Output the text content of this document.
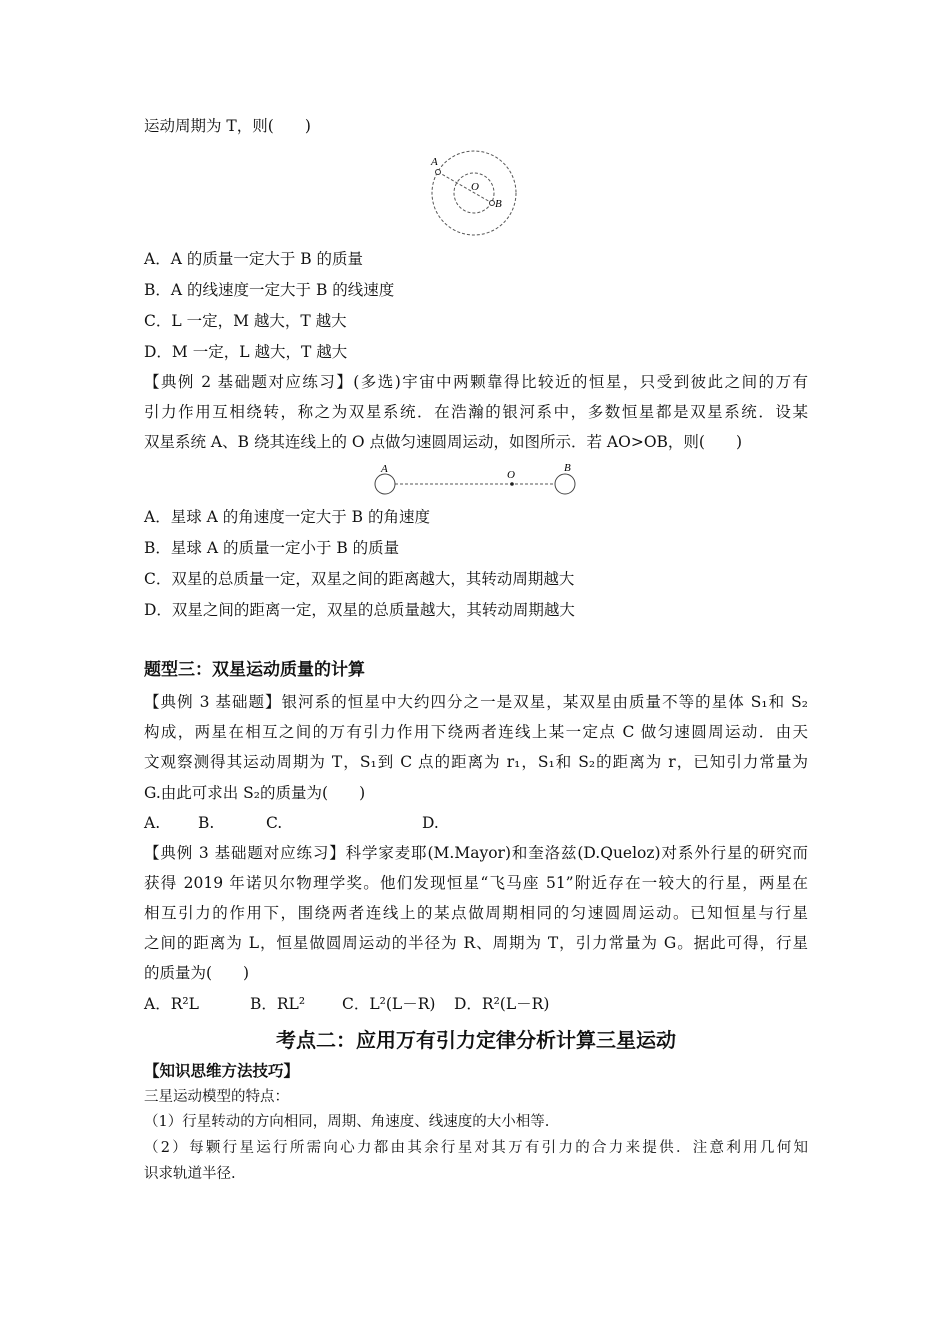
运动周期为 T，则(　　)
A
O
B
A．A 的质量一定大于 B 的质量
B．A 的线速度一定大于 B 的线速度
C．L 一定，M 越大，T 越大
D．M 一定，L 越大，T 越大
【典例 2 基础题对应练习】(多选)宇宙中两颗靠得比较近的恒星，只受到彼此之间的万有
引力作用互相绕转，称之为双星系统．在浩瀚的银河系中，多数恒星都是双星系统．设某
双星系统 A、B 绕其连线上的 O 点做匀速圆周运动，如图所示．若 AO>OB，则(　　)
A	O
B
A．星球 A 的角速度一定大于 B 的角速度
B．星球 A 的质量一定小于 B 的质量
C．双星的总质量一定，双星之间的距离越大，其转动周期越大
D．双星之间的距离一定，双星的总质量越大，其转动周期越大
题型三：双星运动质量的计算
【典例 3 基础题】银河系的恒星中大约四分之一是双星，某双星由质量不等的星体 S₁和 S₂
构成，两星在相互之间的万有引力作用下绕两者连线上某一定点 C 做匀速圆周运动．由天
文观察测得其运动周期为 T，S₁到 C 点的距离为 r₁，S₁和 S₂的距离为 r，已知引力常量为
G.由此可求出 S₂的质量为(　　)
A. B.	C.	D.
【典例 3 基础题对应练习】科学家麦耶(M.Mayor)和奎洛兹(D.Queloz)对系外行星的研究而
获得 2019 年诺贝尔物理学奖。他们发现恒星“飞马座 51”附近存在一较大的行星，两星在
相互引力的作用下，围绕两者连线上的某点做周期相同的匀速圆周运动。已知恒星与行星
之间的距离为 L，恒星做圆周运动的半径为 R、周期为 T，引力常量为 G。据此可得，行星
的质量为(　　)
A．R²L	B．RL² C．L²(L－R) D．R²(L－R)
考点二：应用万有引力定律分析计算三星运动
【知识思维方法技巧】
三星运动模型的特点：
（1）行星转动的方向相同，周期、角速度、线速度的大小相等.
（2）每颗行星运行所需向心力都由其余行星对其万有引力的合力来提供．注意利用几何知
识求轨道半径.
